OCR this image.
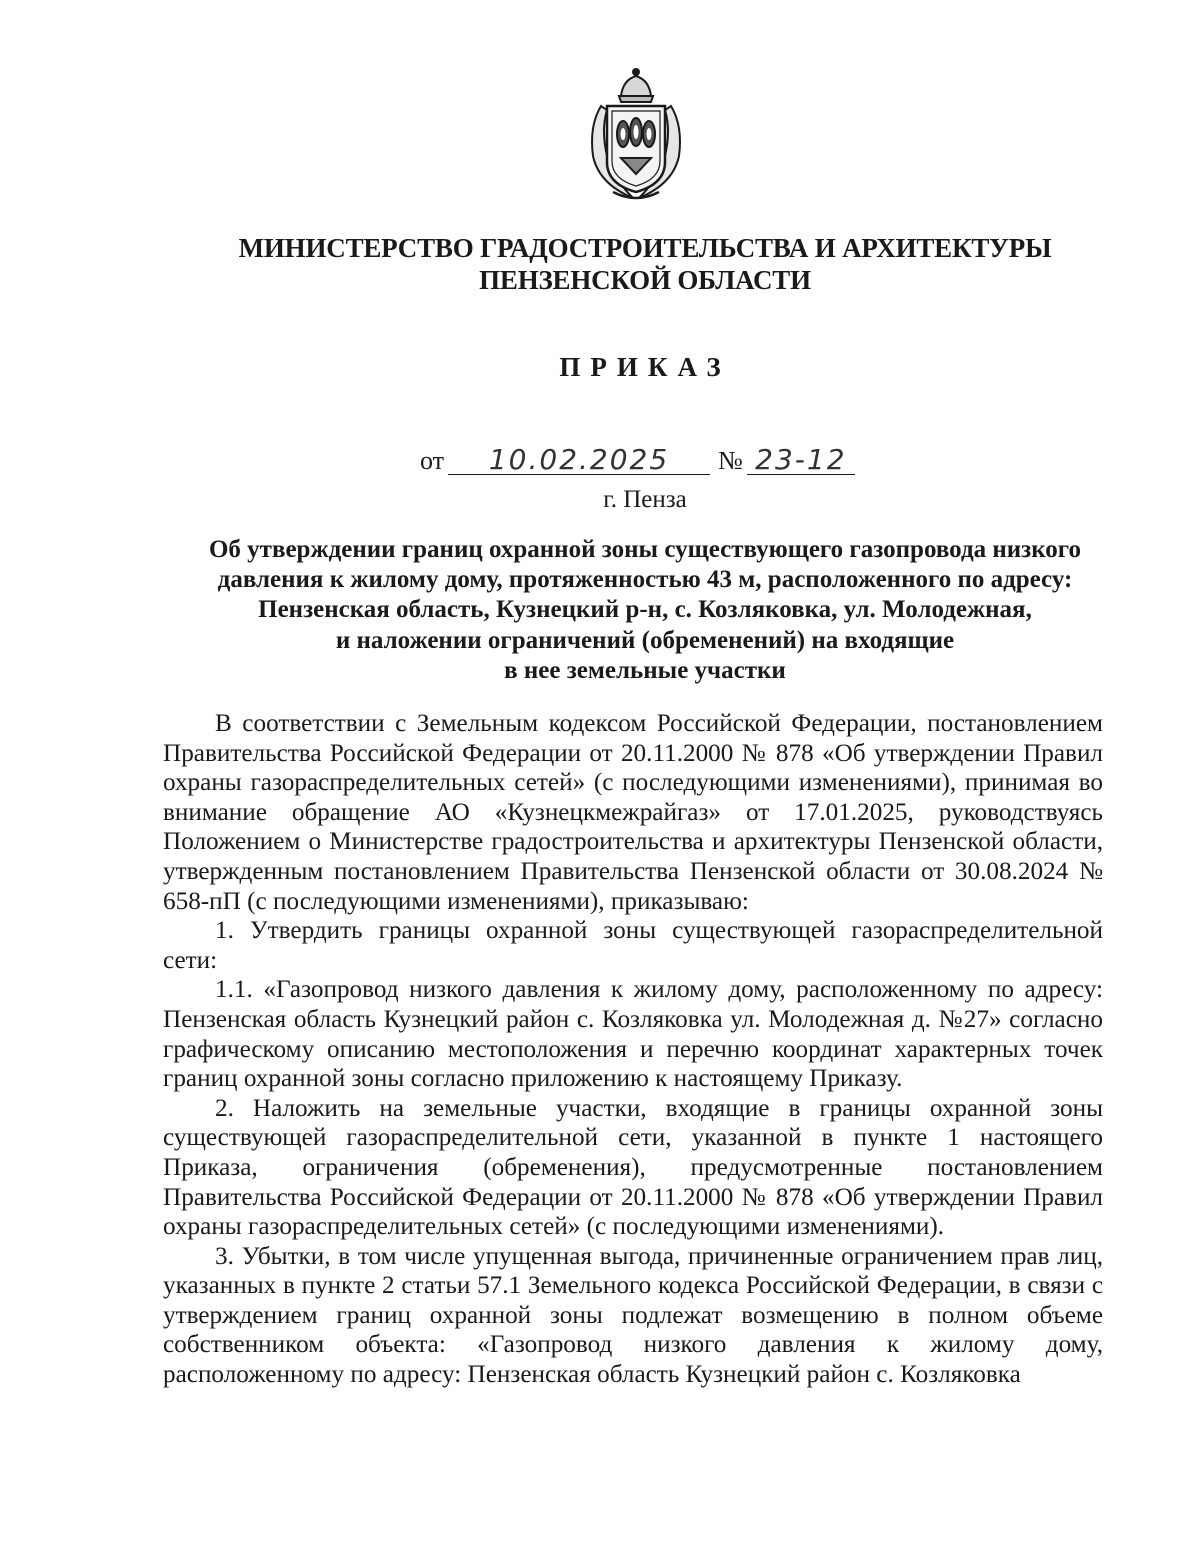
МИНИСТЕРСТВО ГРАДОСТРОИТЕЛЬСТВА И АРХИТЕКТУРЫ
ПЕНЗЕНСКОЙ ОБЛАСТИ
ПРИКАЗ
от 10.02.2025 № 23-12
г. Пенза
Об утверждении границ охранной зоны существующего газопровода низкого
давления к жилому дому, протяженностью 43 м, расположенного по адресу:
Пензенская область, Кузнецкий р-н, с. Козляковка, ул. Молодежная,
и наложении ограничений (обременений) на входящие
в нее земельные участки

В соответствии с Земельным кодексом Российской Федерации, постановлением Правительства Российской Федерации от 20.11.2000 № 878 «Об утверждении Правил охраны газораспределительных сетей» (с последующими изменениями), принимая во внимание обращение АО «Кузнецкмежрайгаз» от 17.01.2025, руководствуясь Положением о Министерстве градостроительства и архитектуры Пензенской области, утвержденным постановлением Правительства Пензенской области от 30.08.2024 № 658-пП (с последующими изменениями), приказываю:

1. Утвердить границы охранной зоны существующей газораспределительной сети:

1.1. «Газопровод низкого давления к жилому дому, расположенному по адресу: Пензенская область Кузнецкий район с. Козляковка ул. Молодежная д. №27» согласно графическому описанию местоположения и перечню координат характерных точек границ охранной зоны согласно приложению к настоящему Приказу.

2. Наложить на земельные участки, входящие в границы охранной зоны существующей газораспределительной сети, указанной в пункте 1 настоящего Приказа, ограничения (обременения), предусмотренные постановлением Правительства Российской Федерации от 20.11.2000 № 878 «Об утверждении Правил охраны газораспределительных сетей» (с последующими изменениями).

3. Убытки, в том числе упущенная выгода, причиненные ограничением прав лиц, указанных в пункте 2 статьи 57.1 Земельного кодекса Российской Федерации, в связи с утверждением границ охранной зоны подлежат возмещению в полном объеме собственником объекта: «Газопровод низкого давления к жилому дому, расположенному по адресу: Пензенская область Кузнецкий район с. Козляковка
